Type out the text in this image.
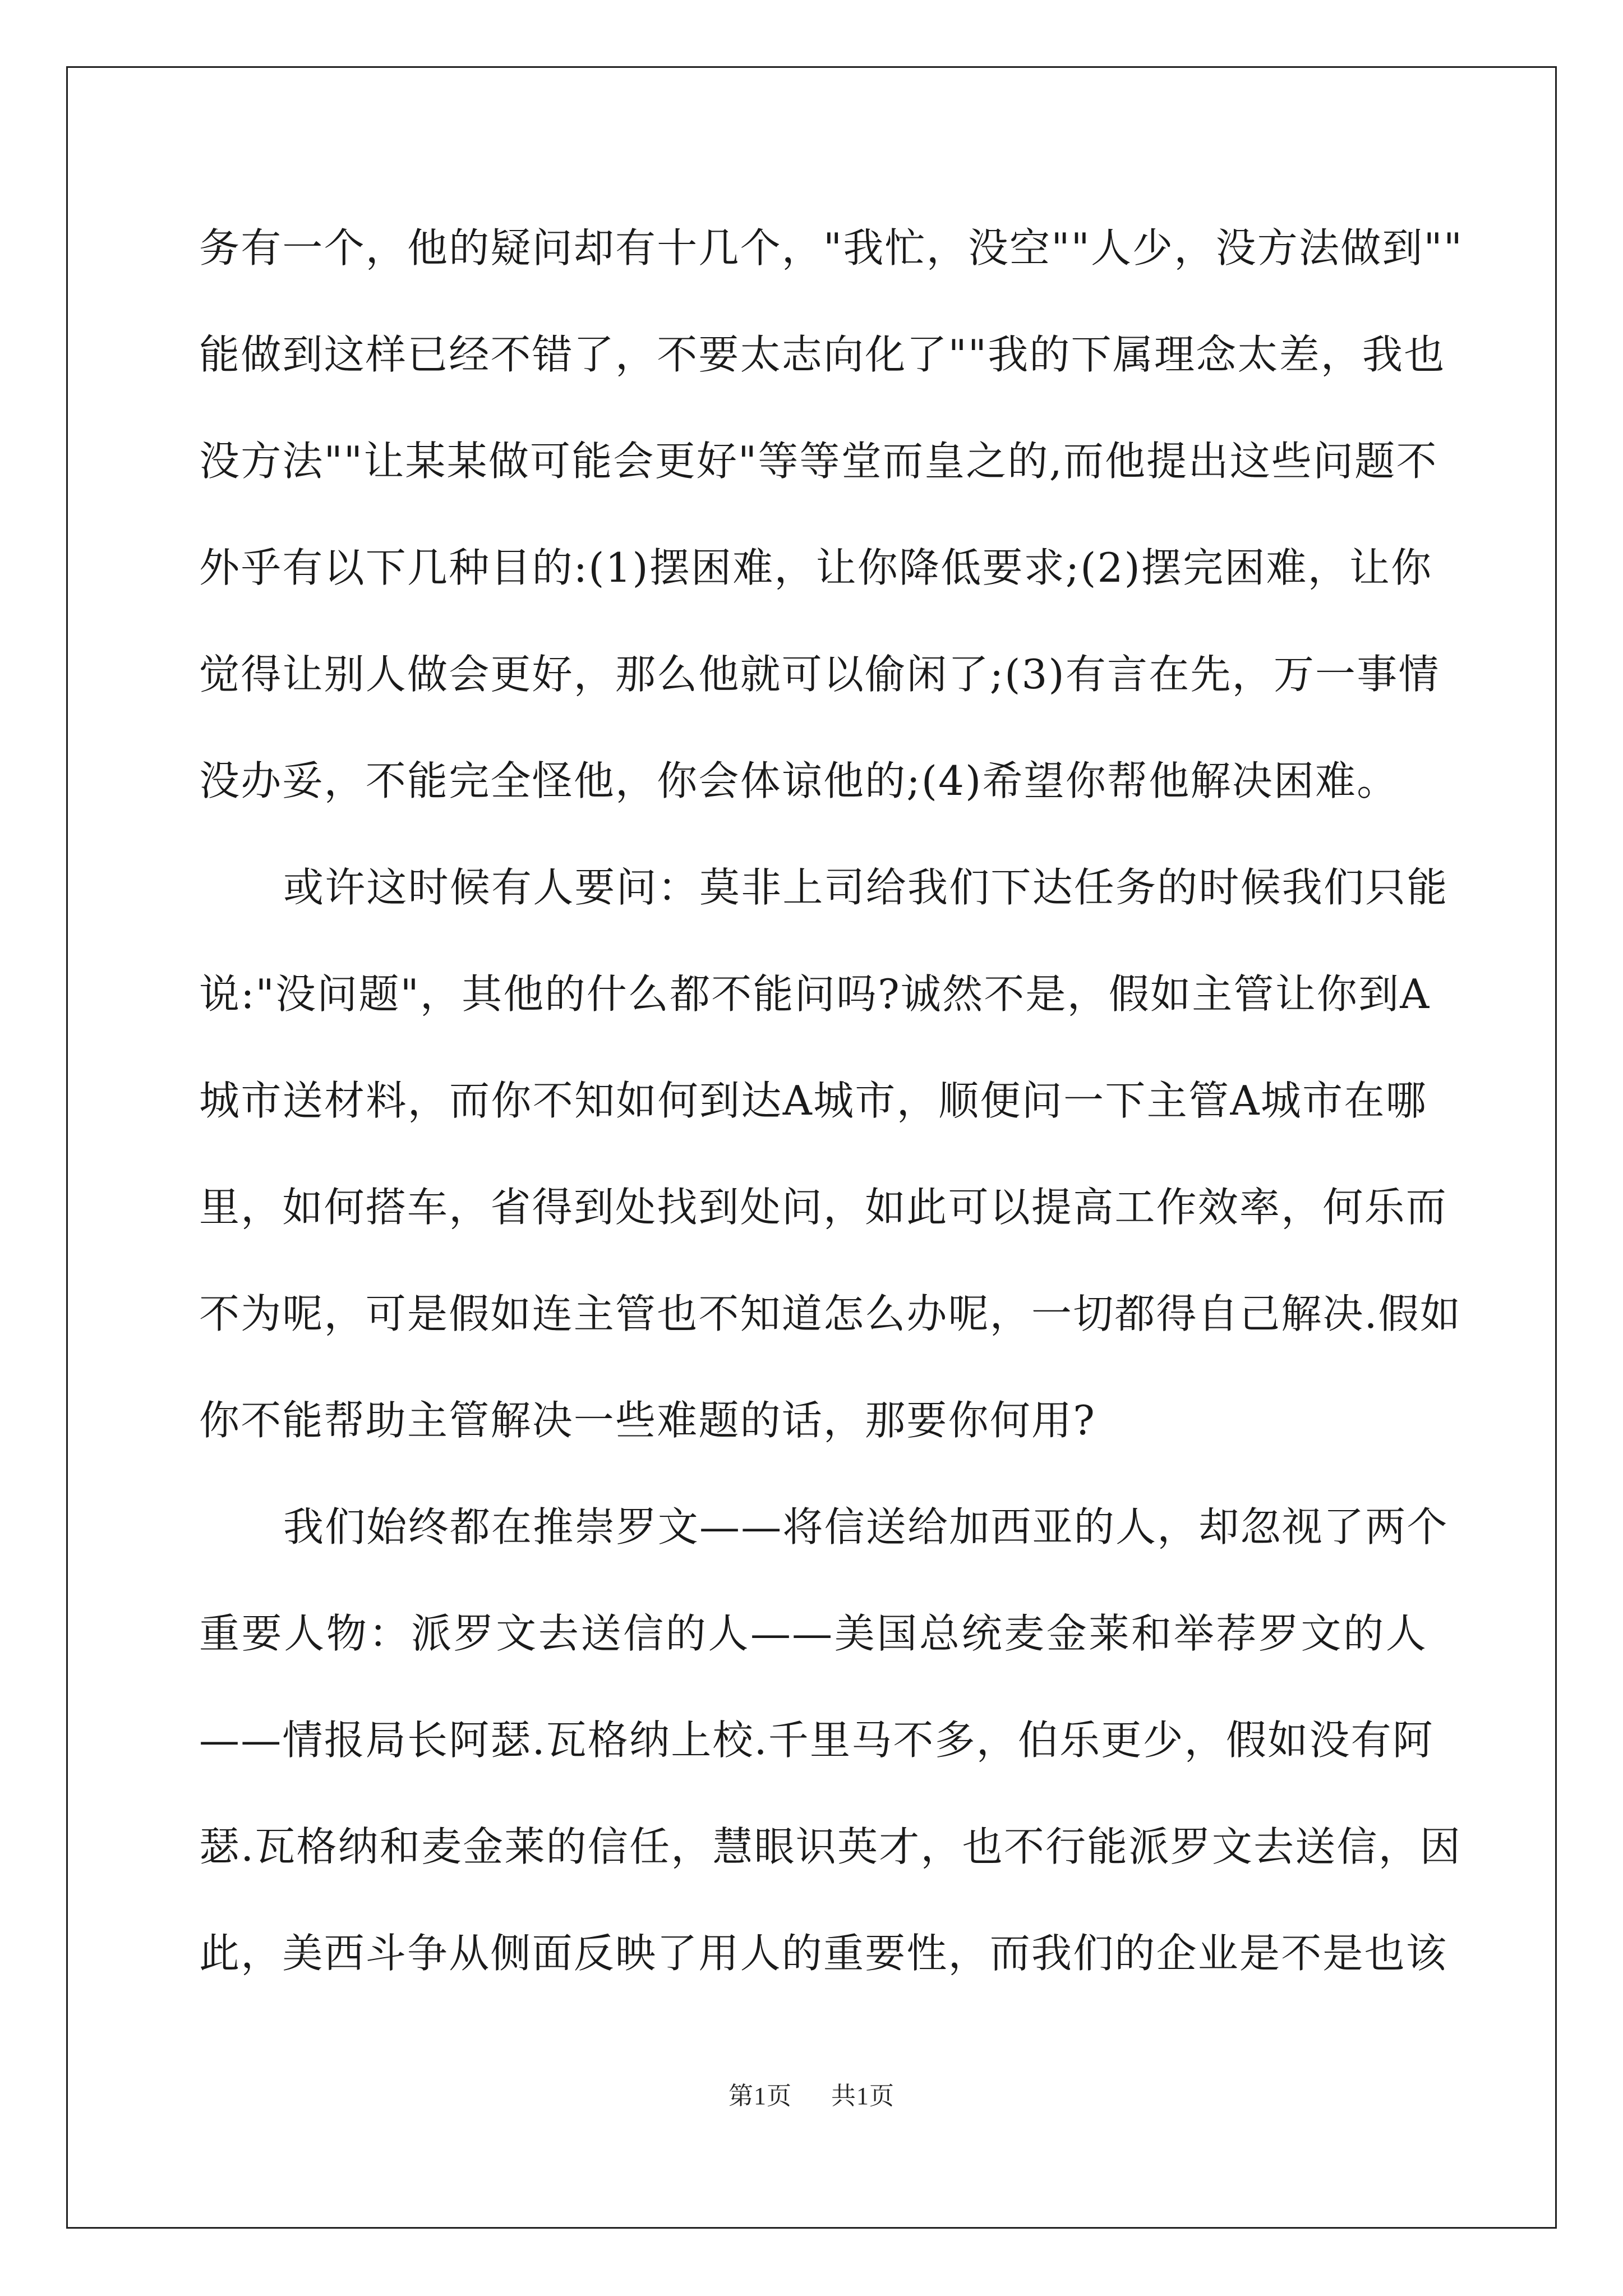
务有一个，他的疑问却有十几个，"我忙，没空""人少，没方法做到""
能做到这样已经不错了，不要太志向化了""我的下属理念太差，我也
没方法""让某某做可能会更好"等等堂而皇之的,而他提出这些问题不
外乎有以下几种目的:(1)摆困难，让你降低要求;(2)摆完困难，让你
觉得让别人做会更好，那么他就可以偷闲了;(3)有言在先，万一事情
没办妥，不能完全怪他，你会体谅他的;(4)希望你帮他解决困难。
或许这时候有人要问：莫非上司给我们下达任务的时候我们只能
说:"没问题"，其他的什么都不能问吗?诚然不是，假如主管让你到A
城市送材料，而你不知如何到达A城市，顺便问一下主管A城市在哪
里，如何搭车，省得到处找到处问，如此可以提高工作效率，何乐而
不为呢，可是假如连主管也不知道怎么办呢，一切都得自己解决.假如
你不能帮助主管解决一些难题的话，那要你何用?
我们始终都在推崇罗文——将信送给加西亚的人，却忽视了两个
重要人物：派罗文去送信的人——美国总统麦金莱和举荐罗文的人
——情报局长阿瑟.瓦格纳上校.千里马不多，伯乐更少，假如没有阿
瑟.瓦格纳和麦金莱的信任，慧眼识英才，也不行能派罗文去送信，因
此，美西斗争从侧面反映了用人的重要性，而我们的企业是不是也该
第1页 共1页
